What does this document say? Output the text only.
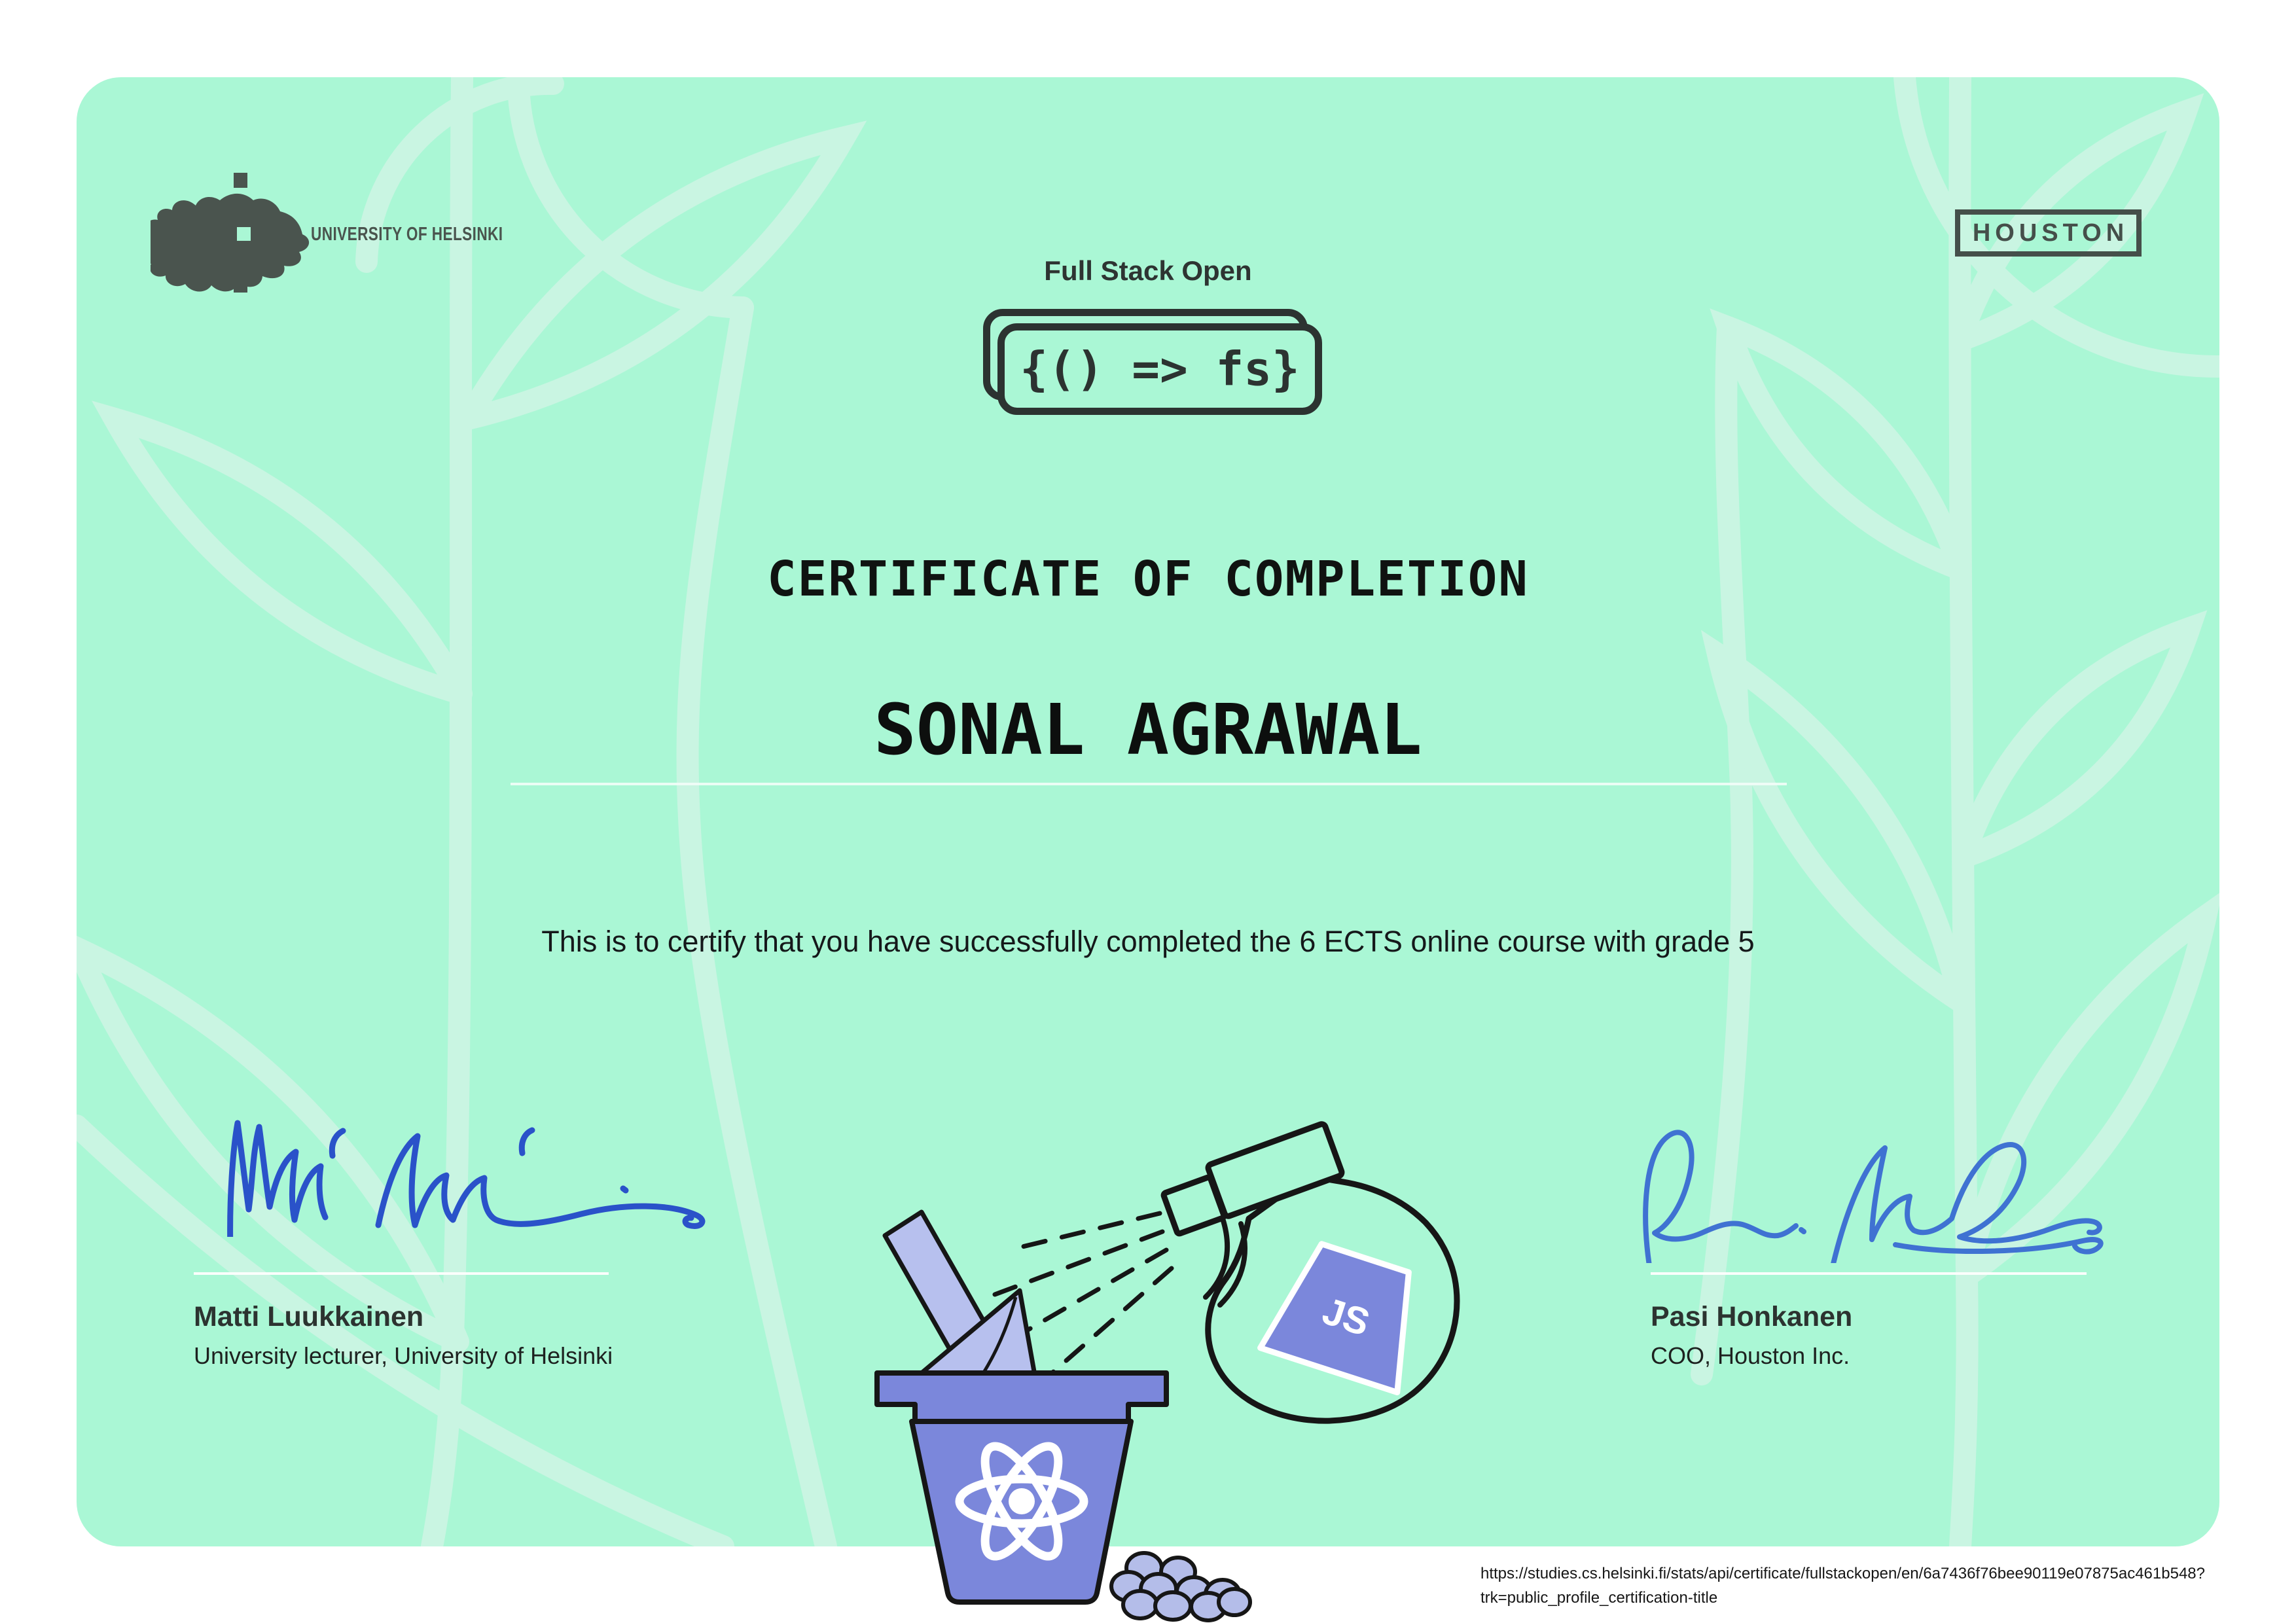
UNIVERSITY OF HELSINKI	HOUSTON
Full Stack Open
{() => fs}
CERTIFICATE OF COMPLETION
SONAL AGRAWAL

This is to certify that you have successfully completed the 6 ECTS online course with grade 5

Matti Luukkainen
University lecturer, University of Helsinki
Pasi Honkanen
COO, Houston Inc.
JS
https://studies.cs.helsinki.fi/stats/api/certificate/fullstackopen/en/6a7436f76bee90119e07875ac461b548?
trk=public_profile_certification-title
